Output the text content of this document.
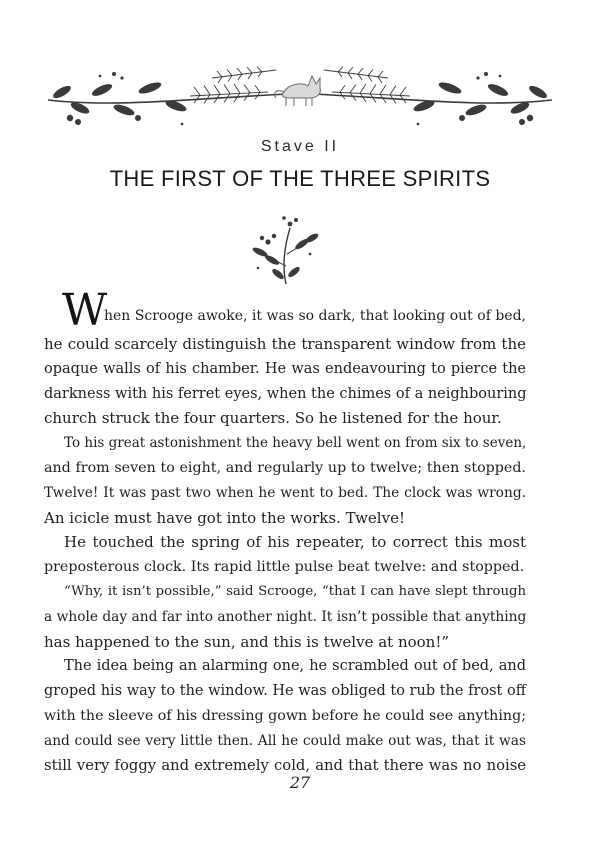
Stave II
THE FIRST OF THE THREE SPIRITS
W
hen Scrooge awoke, it was so dark, that looking out of bed,
he could scarcely distinguish the transparent window from the
opaque walls of his chamber. He was endeavouring to pierce the
darkness with his ferret eyes, when the chimes of a neighbouring
church struck the four quarters. So he listened for the hour.
To his great astonishment the heavy bell went on from six to seven,
and from seven to eight, and regularly up to twelve; then stopped.
Twelve! It was past two when he went to bed. The clock was wrong.
An icicle must have got into the works. Twelve!
He touched the spring of his repeater, to correct this most
preposterous clock. Its rapid little pulse beat twelve: and stopped.
“Why, it isn’t possible,” said Scrooge, “that I can have slept through
a whole day and far into another night. It isn’t possible that anything
has happened to the sun, and this is twelve at noon!”
The idea being an alarming one, he scrambled out of bed, and
groped his way to the window. He was obliged to rub the frost off
with the sleeve of his dressing gown before he could see anything;
and could see very little then. All he could make out was, that it was
still very foggy and extremely cold, and that there was no noise
27
